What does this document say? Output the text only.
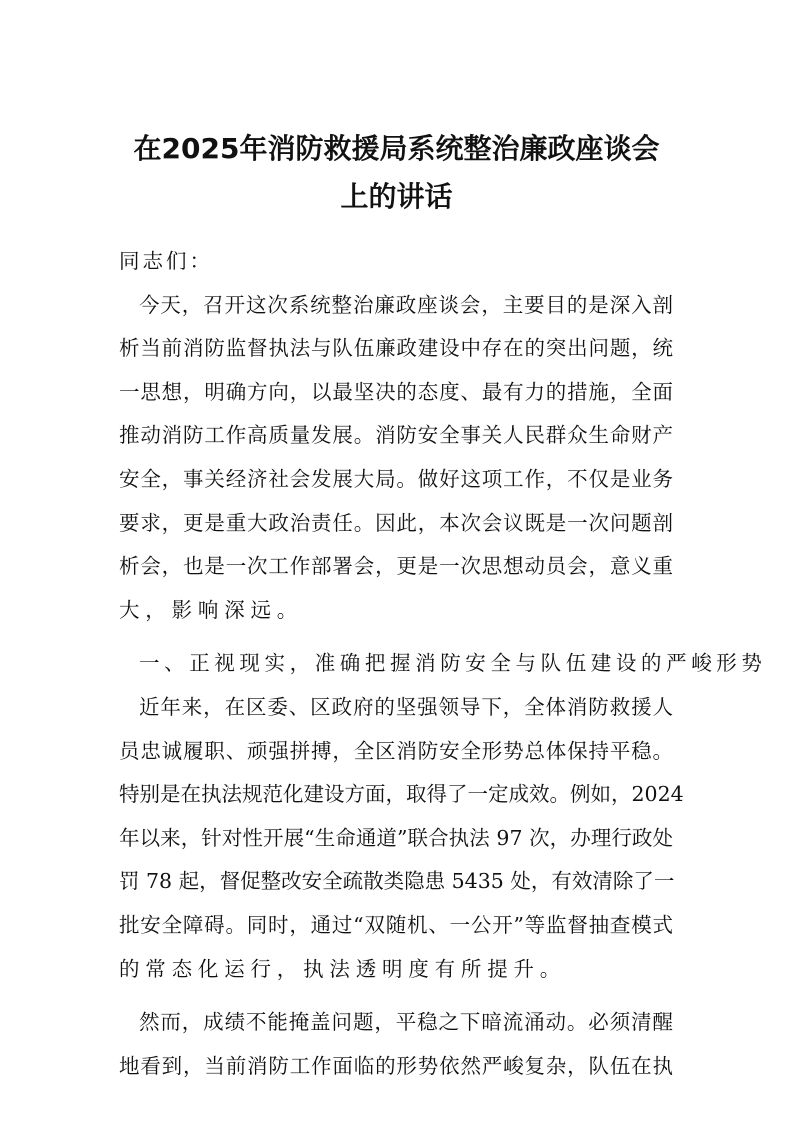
在2025年消防救援局系统整治廉政座谈会
上的讲话
同志们：
今天，召开这次系统整治廉政座谈会，主要目的是深入剖
析当前消防监督执法与队伍廉政建设中存在的突出问题，统
一思想，明确方向，以最坚决的态度、最有力的措施，全面
推动消防工作高质量发展。消防安全事关人民群众生命财产
安全，事关经济社会发展大局。做好这项工作，不仅是业务
要求，更是重大政治责任。因此，本次会议既是一次问题剖
析会，也是一次工作部署会，更是一次思想动员会，意义重
大，影响深远。
一、正视现实，准确把握消防安全与队伍建设的严峻形势
近年来，在区委、区政府的坚强领导下，全体消防救援人
员忠诚履职、顽强拼搏，全区消防安全形势总体保持平稳。
特别是在执法规范化建设方面，取得了一定成效。例如，2024
年以来，针对性开展“生命通道”联合执法 97 次，办理行政处
罚 78 起，督促整改安全疏散类隐患 5435 处，有效清除了一
批安全障碍。同时，通过“双随机、一公开”等监督抽查模式
的常态化运行，执法透明度有所提升。
然而，成绩不能掩盖问题，平稳之下暗流涌动。必须清醒
地看到，当前消防工作面临的形势依然严峻复杂，队伍在执
